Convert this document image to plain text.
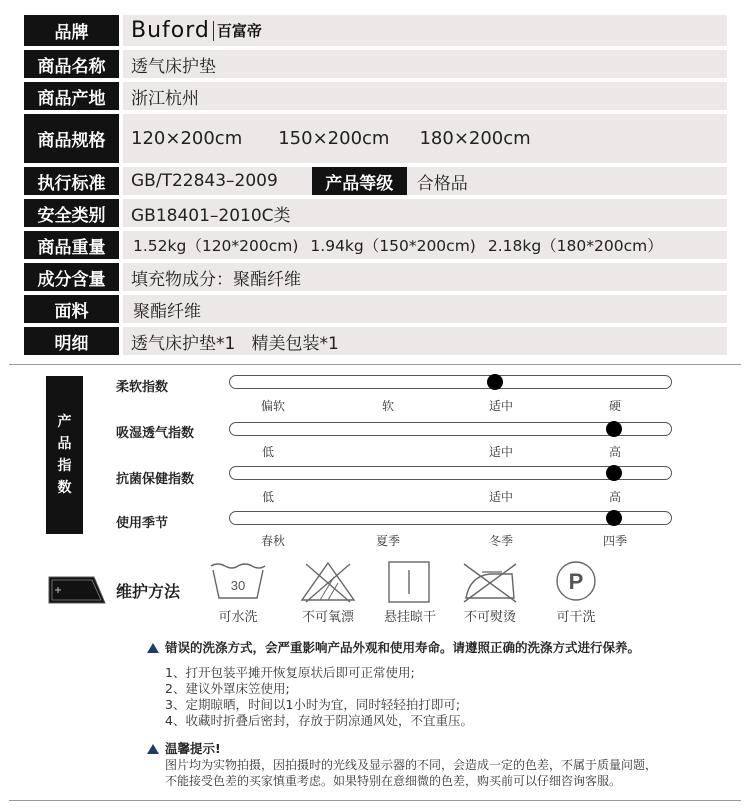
品牌	Buford 百富帝
商品名称	透气床护垫
商品产地	浙江杭州
商品规格	120×200cm 150×200cm 180×200cm
执行标准	GB/T22843–2009	产品等级	合格品
安全类别	GB18401–2010C类
商品重量	1.52kg（120*200cm) 1.94kg（150*200cm) 2.18kg（180*200cm）
成分含量	填充物成分：聚酯纤维
面料	聚酯纤维
明细	透气床护垫*1   精美包装*1
产
品
指
数
柔软指数
偏软	软	适中	硬
吸湿透气指数
低	适中	高
抗菌保健指数
低	适中	高
使用季节
春秋	夏季	冬季	四季
维护方法	30
可水洗	不可氧漂 悬挂晾干 不可熨烫
P
可干洗
错误的洗涤方式，会严重影响产品外观和使用寿命。请遵照正确的洗涤方式进行保养。
1、打开包装平摊开恢复原状后即可正常使用;
2、建议外罩床笠使用;
3、定期晾晒，时间以1小时为宜，同时轻轻拍打即可;
4、收藏时折叠后密封，存放于阴凉通风处，不宜重压。
温馨提示!
图片均为实物拍摄，因拍摄时的光线及显示器的不同，会造成一定的色差，不属于质量问题，
不能接受色差的买家慎重考虑。如果特别在意细微的色差，购买前可以仔细咨询客服。
